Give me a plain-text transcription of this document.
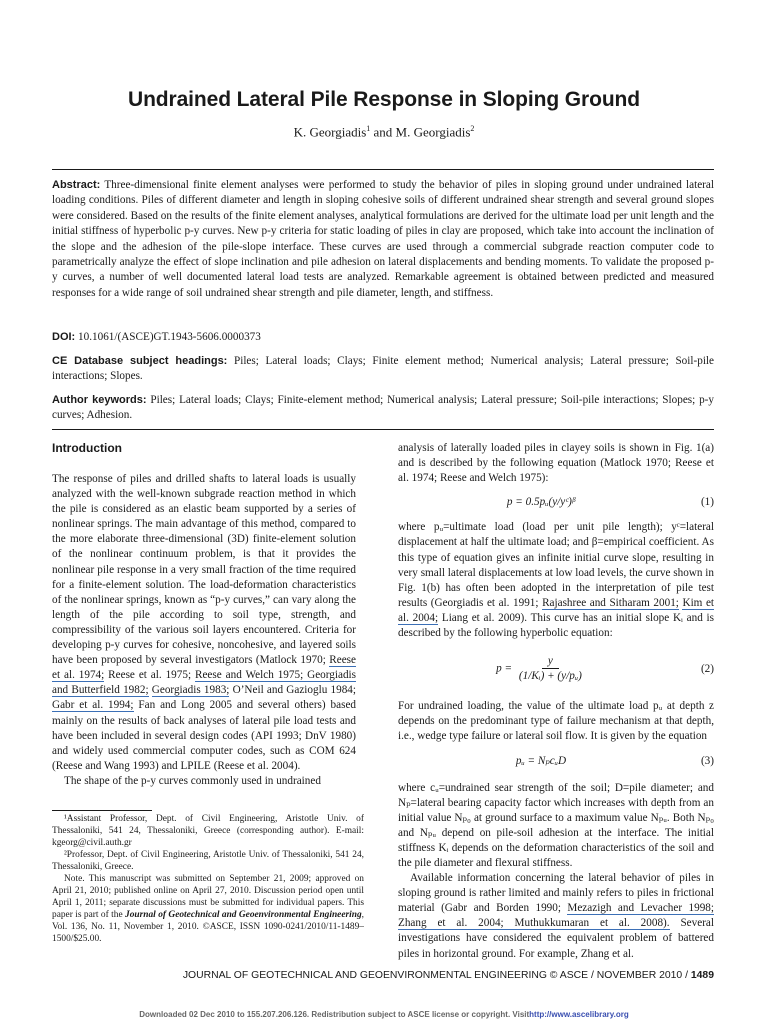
Undrained Lateral Pile Response in Sloping Ground
K. Georgiadis$^1$ and M. Georgiadis$^2$

Abstract: Three-dimensional finite element analyses were performed to study the behavior of piles in sloping ground under undrained lateral loading conditions. Piles of different diameter and length in sloping cohesive soils of different undrained shear strength and several ground slopes were considered. Based on the results of the finite element analyses, analytical formulations are derived for the ultimate load per unit length and the initial stiffness of hyperbolic p-y curves. New p-y criteria for static loading of piles in clay are proposed, which take into account the inclination of the slope and the adhesion of the pile-slope interface. These curves are used through a commercial subgrade reaction computer code to parametrically analyze the effect of slope inclination and pile adhesion on lateral displacements and bending moments. To validate the proposed p-y curves, a number of well documented lateral load tests are analyzed. Remarkable agreement is obtained between predicted and measured responses for a wide range of soil undrained shear strength and pile diameter, length, and stiffness.

DOI: 10.1061/(ASCE)GT.1943-5606.0000373

CE Database subject headings: Piles; Lateral loads; Clays; Finite element method; Numerical analysis; Lateral pressure; Soil-pile interactions; Slopes.

Author keywords: Piles; Lateral loads; Clays; Finite-element method; Numerical analysis; Lateral pressure; Soil-pile interactions; Slopes; p-y curves; Adhesion.

Introduction

The response of piles and drilled shafts to lateral loads is usually analyzed with the well-known subgrade reaction method in which the pile is considered as an elastic beam supported by a series of nonlinear springs. The main advantage of this method, compared to the more elaborate three-dimensional (3D) finite-element solution of the nonlinear continuum problem, is that it provides the nonlinear pile response in a very small fraction of the time required for a finite-element solution. The load-deformation characteristics of the nonlinear springs, known as “p-y curves,” can vary along the length of the pile according to soil type, strength, and compressibility of the various soil layers encountered. Criteria for developing p-y curves for cohesive, noncohesive, and layered soils have been proposed by several investigators (Matlock 1970; Reese et al. 1974; Reese et al. 1975; Reese and Welch 1975; Georgiadis and Butterfield 1982; Georgiadis 1983; O’Neil and Gazioglu 1984; Gabr et al. 1994; Fan and Long 2005 and several others) based mainly on the results of back analyses of lateral pile load tests and have been included in several design codes (API 1993; DnV 1980) and widely used commercial computer codes, such as COM 624 (Reese and Wang 1993) and LPILE (Reese et al. 2004).

The shape of the p-y curves commonly used in undrained

analysis of laterally loaded piles in clayey soils is shown in Fig. 1(a) and is described by the following equation (Matlock 1970; Reese et al. 1974; Reese and Welch 1975):

p = 0.5pᵤ(y/yᶜ)ᵝ	(1)

where pᵤ=ultimate load (load per unit pile length); yᶜ=lateral displacement at half the ultimate load; and β=empirical coefficient. As this type of equation gives an infinite initial curve slope, resulting in very small lateral displacements at low load levels, the curve shown in Fig. 1(b) has often been adopted in the interpretation of pile test results (Georgiadis et al. 1991; Rajashree and Sitharam 2001; Kim et al. 2004; Liang et al. 2009). This curve has an initial slope Kᵢ and is described by the following hyperbolic equation:

$p = \frac{y}{\text{(1/Kᵢ) + (y/pᵤ)}}$	(2)

For undrained loading, the value of the ultimate load pᵤ at depth z depends on the predominant type of failure mechanism at that depth, i.e., wedge type failure or lateral soil flow. It is given by the equation

pᵤ = NₚcᵤD	(3)

where cᵤ=undrained sear strength of the soil; D=pile diameter; and Nₚ=lateral bearing capacity factor which increases with depth from an initial value Nₚ₀ at ground surface to a maximum value Nₚᵤ. Both Nₚ₀ and Nₚᵤ depend on pile-soil adhesion at the interface. The initial stiffness Kᵢ depends on the deformation characteristics of the soil and the pile diameter and flexural stiffness.

Available information concerning the lateral behavior of piles in sloping ground is rather limited and mainly refers to piles in frictional material (Gabr and Borden 1990; Mezazigh and Levacher 1998; Zhang et al. 2004; Muthukkumaran et al. 2008). Several investigations have considered the equivalent problem of battered piles in horizontal ground. For example, Zhang et al.

¹Assistant Professor, Dept. of Civil Engineering, Aristotle Univ. of Thessaloniki, 541 24, Thessaloniki, Greece (corresponding author). E-mail: kgeorg@civil.auth.gr

²Professor, Dept. of Civil Engineering, Aristotle Univ. of Thessaloniki, 541 24, Thessaloniki, Greece.

Note. This manuscript was submitted on September 21, 2009; approved on April 21, 2010; published online on April 27, 2010. Discussion period open until April 1, 2011; separate discussions must be submitted for individual papers. This paper is part of the Journal of Geotechnical and Geoenvironmental Engineering, Vol. 136, No. 11, November 1, 2010. ©ASCE, ISSN 1090-0241/2010/11-1489–1500/$25.00.

JOURNAL OF GEOTECHNICAL AND GEOENVIRONMENTAL ENGINEERING © ASCE / NOVEMBER 2010 / 1489
Downloaded 02 Dec 2010 to 155.207.206.126. Redistribution subject to ASCE license or copyright. Visithttp://www.ascelibrary.org
